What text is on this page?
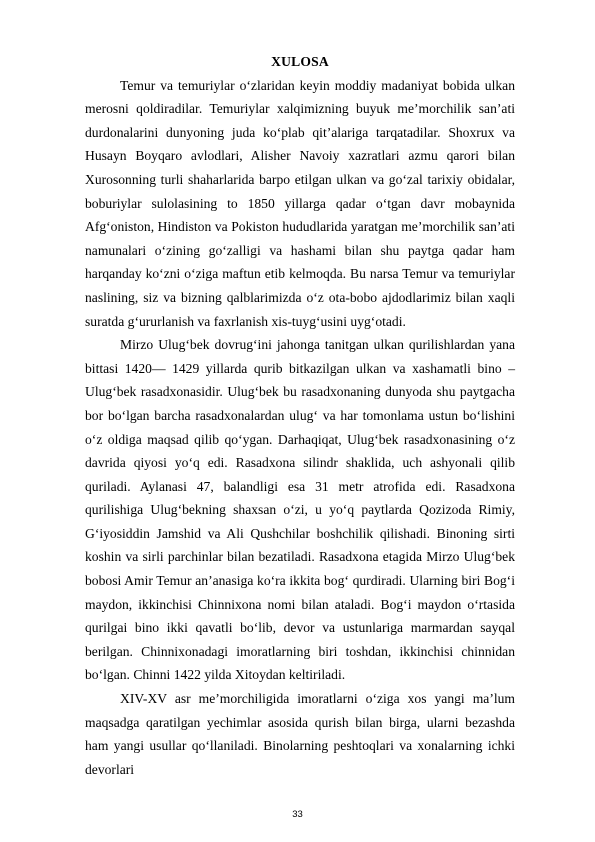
XULOSA

Temur va temuriylar o‘zlaridan keyin moddiy madaniyat bobida ulkan merosni qoldiradilar. Temuriylar xalqimizning buyuk me’morchilik san’ati durdonalarini dunyoning juda ko‘plab qit’alariga tarqatadilar. Shoxrux va Husayn Boyqaro avlodlari, Alisher Navoiy xazratlari azmu qarori bilan Xurosonning turli shaharlarida barpo etilgan ulkan va go‘zal tarixiy obidalar, boburiylar sulolasining to 1850 yillarga qadar o‘tgan davr mobaynida Afg‘oniston, Hindiston va Pokiston hududlarida yaratgan me’morchilik san’ati namunalari o‘zining go‘zalligi va hashami bilan shu paytga qadar ham harqanday ko‘zni o‘ziga maftun etib kelmoqda. Bu narsa Temur va temuriylar naslining, siz va bizning qalblarimizda o‘z ota-bobo ajdodlarimiz bilan xaqli suratda g‘ururlanish va faxrlanish xis-tuyg‘usini uyg‘otadi.

Mirzo Ulug‘bek dovrug‘ini jahonga tanitgan ulkan qurilishlardan yana bittasi 1420— 1429 yillarda qurib bitkazilgan ulkan va xashamatli bino – Ulug‘bek rasadxonasidir. Ulug‘bek bu rasadxonaning dunyoda shu paytgacha bor bo‘lgan barcha rasadxonalardan ulug‘ va har tomonlama ustun bo‘lishini o‘z oldiga maqsad qilib qo‘ygan. Darhaqiqat, Ulug‘bek rasadxonasining o‘z davrida qiyosi yo‘q edi. Rasadxona silindr shaklida, uch ashyonali qilib quriladi. Aylanasi 47, balandligi esa 31 metr atrofida edi. Rasadxona qurilishiga Ulug‘bekning shaxsan o‘zi, u yo‘q paytlarda Qozizoda Rimiy, G‘iyosiddin Jamshid va Ali Qushchilar boshchilik qilishadi. Binoning sirti koshin va sirli parchinlar bilan bezatiladi. Rasadxona etagida Mirzo Ulug‘bek bobosi Amir Temur an’anasiga ko‘ra ikkita bog‘ qurdiradi. Ularning biri Bog‘i maydon, ikkinchisi Chinnixona nomi bilan ataladi. Bog‘i maydon o‘rtasida qurilgai bino ikki qavatli bo‘lib, devor va ustunlariga marmardan sayqal berilgan. Chinnixonadagi imoratlarning biri toshdan, ikkinchisi chinnidan bo‘lgan. Chinni 1422 yilda Xitoydan keltiriladi.

XIV-XV asr me’morchiligida imoratlarni o‘ziga xos yangi ma’lum maqsadga qaratilgan yechimlar asosida qurish bilan birga, ularni bezashda ham yangi usullar qo‘llaniladi. Binolarning peshtoqlari va xonalarning ichki devorlari

33
